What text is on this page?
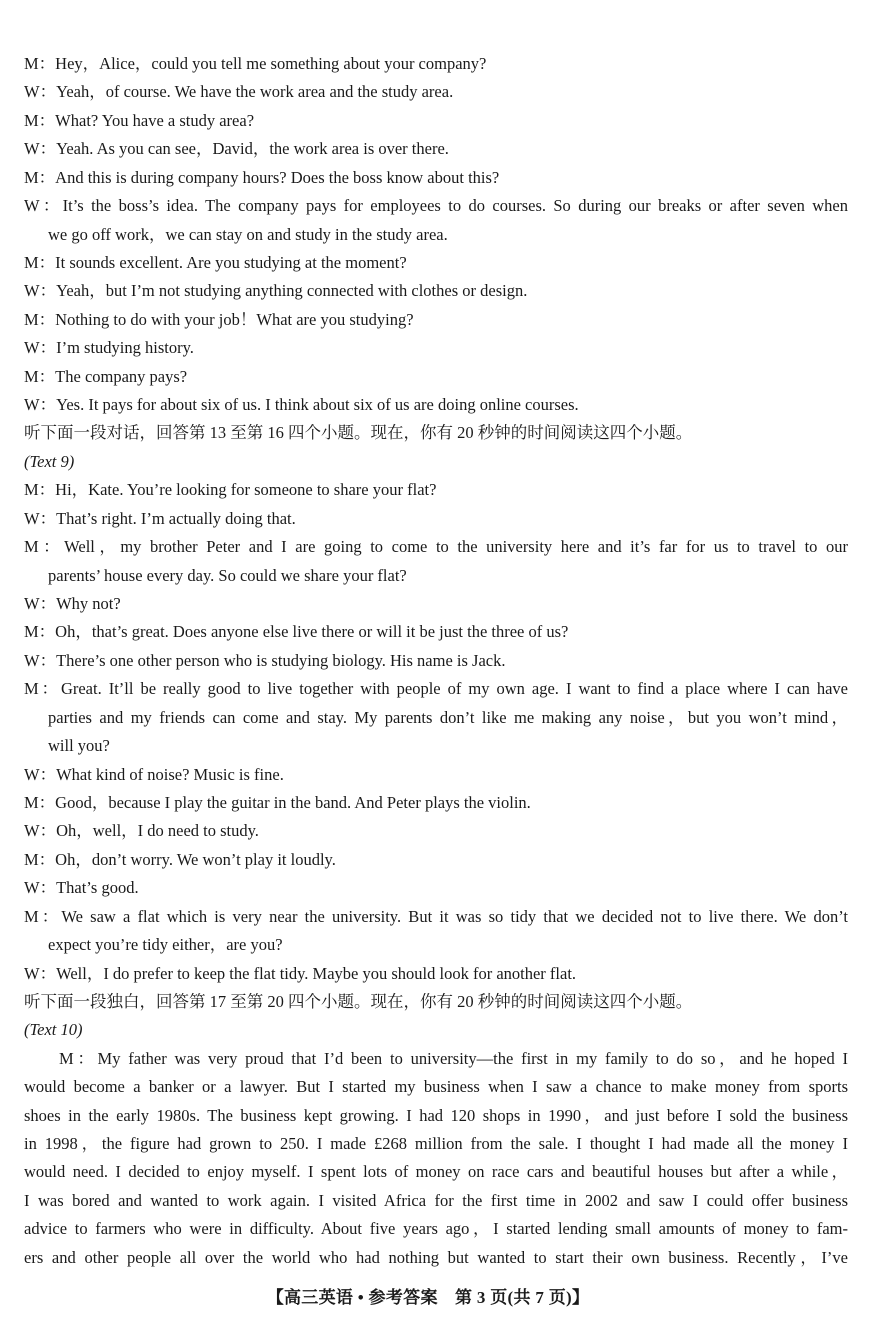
M：Hey，Alice，could you tell me something about your company?
W：Yeah，of course. We have the work area and the study area.
M：What? You have a study area?
W：Yeah. As you can see，David，the work area is over there.
M：And this is during company hours? Does the boss know about this?
W：It’s the boss’s idea. The company pays for employees to do courses. So during our breaks or after seven when
we go off work，we can stay on and study in the study area.
M：It sounds excellent. Are you studying at the moment?
W：Yeah，but I’m not studying anything connected with clothes or design.
M：Nothing to do with your job！What are you studying?
W：I’m studying history.
M：The company pays?
W：Yes. It pays for about six of us. I think about six of us are doing online courses.
听下面一段对话，回答第 13 至第 16 四个小题。现在，你有 20 秒钟的时间阅读这四个小题。
(Text 9)
M：Hi，Kate. You’re looking for someone to share your flat?
W：That’s right. I’m actually doing that.
M：Well，my brother Peter and I are going to come to the university here and it’s far for us to travel to our
parents’ house every day. So could we share your flat?
W：Why not?
M：Oh，that’s great. Does anyone else live there or will it be just the three of us?
W：There’s one other person who is studying biology. His name is Jack.
M：Great. It’ll be really good to live together with people of my own age. I want to find a place where I can have
parties and my friends can come and stay. My parents don’t like me making any noise，but you won’t mind，
will you?
W：What kind of noise? Music is fine.
M：Good，because I play the guitar in the band. And Peter plays the violin.
W：Oh，well，I do need to study.
M：Oh，don’t worry. We won’t play it loudly.
W：That’s good.
M：We saw a flat which is very near the university. But it was so tidy that we decided not to live there. We don’t
expect you’re tidy either，are you?
W：Well，I do prefer to keep the flat tidy. Maybe you should look for another flat.
听下面一段独白，回答第 17 至第 20 四个小题。现在，你有 20 秒钟的时间阅读这四个小题。
(Text 10)
M：My father was very proud that I’d been to university—the first in my family to do so，and he hoped I
would become a banker or a lawyer. But I started my business when I saw a chance to make money from sports
shoes in the early 1980s. The business kept growing. I had 120 shops in 1990，and just before I sold the business
in 1998，the figure had grown to 250. I made £268 million from the sale. I thought I had made all the money I
would need. I decided to enjoy myself. I spent lots of money on race cars and beautiful houses but after a while，
I was bored and wanted to work again. I visited Africa for the first time in 2002 and saw I could offer business
advice to farmers who were in difficulty. About five years ago，I started lending small amounts of money to fam-
ers and other people all over the world who had nothing but wanted to start their own business. Recently，I’ve
【高三英语 • 参考答案　第 3 页(共 7 页)】
